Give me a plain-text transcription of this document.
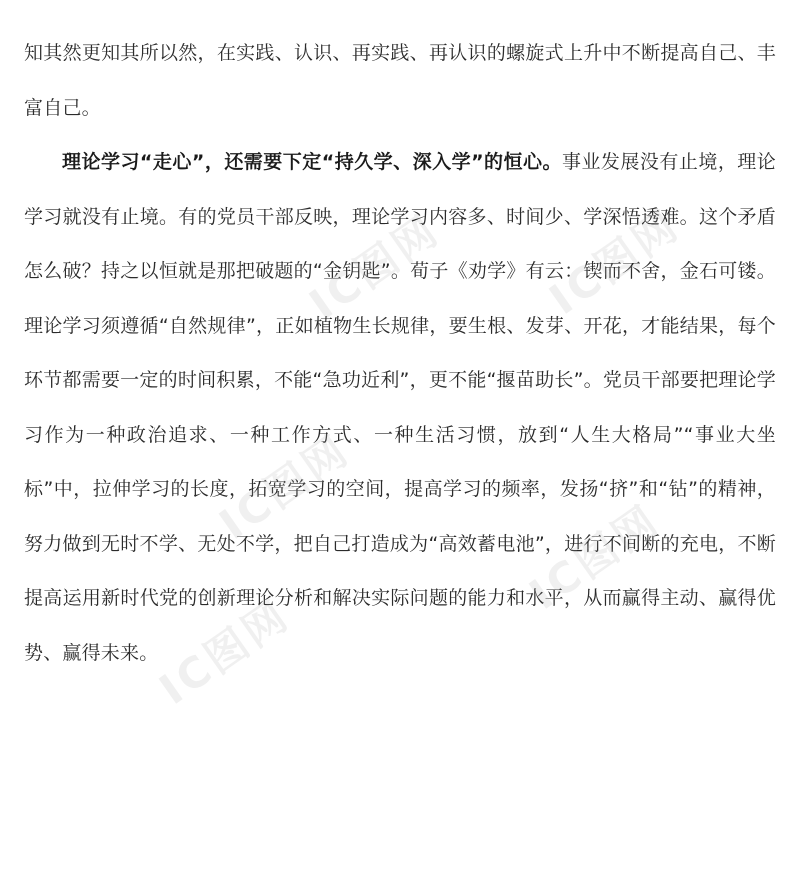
知其然更知其所以然，在实践、认识、再实践、再认识的螺旋式上升中不断提高自己、丰富自己。

理论学习“走心”，还需要下定“持久学、深入学”的恒心。事业发展没有止境，理论学习就没有止境。有的党员干部反映，理论学习内容多、时间少、学深悟透难。这个矛盾怎么破？持之以恒就是那把破题的“金钥匙”。荀子《劝学》有云：锲而不舍，金石可镂。理论学习须遵循“自然规律”，正如植物生长规律，要生根、发芽、开花，才能结果，每个环节都需要一定的时间积累，不能“急功近利”，更不能“揠苗助长”。党员干部要把理论学习作为一种政治追求、一种工作方式、一种生活习惯，放到“人生大格局”“事业大坐标”中，拉伸学习的长度，拓宽学习的空间，提高学习的频率，发扬“挤”和“钻”的精神，努力做到无时不学、无处不学，把自己打造成为“高效蓄电池”，进行不间断的充电，不断提高运用新时代党的创新理论分析和解决实际问题的能力和水平，从而赢得主动、赢得优势、赢得未来。

IC图网 IC图网
IC图网
IC图网
IC图网
